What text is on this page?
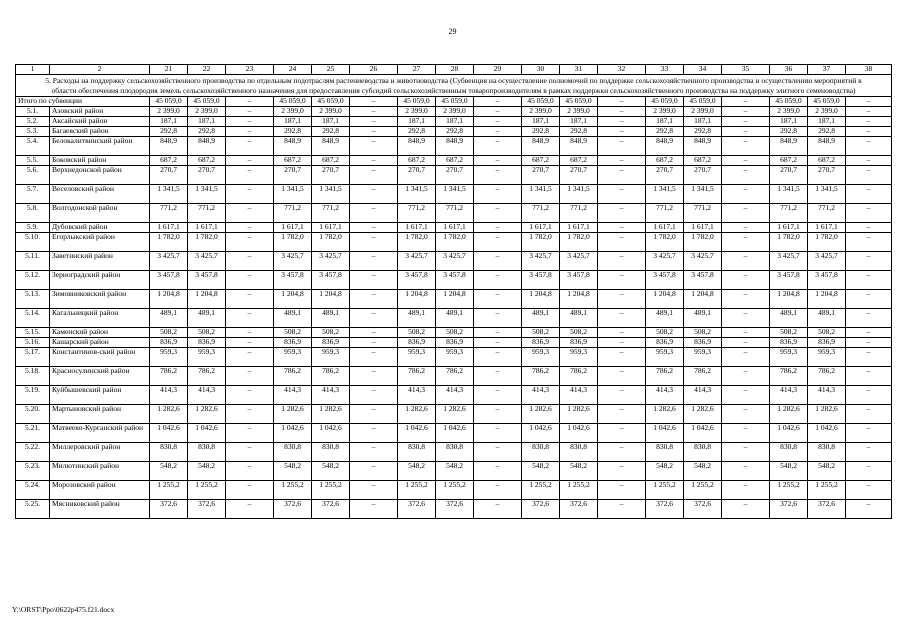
29
1	2	21	22	23	24	25	26	27	28	29	30	31	32	33	34	35	36	37	38
5. Расходы на поддержку сельскохозяйственного производства по отдельным подотраслям растениеводства и животноводства (Субвенция на осуществление полномочий по поддержке сельскохозяйственного производства и осуществлению мероприятий в области обеспечения плодородия земель сельскохозяйственного назначения для предоставления субсидий сельскохозяйственным товаропроизводителям в рамках поддержки сельскохозяйственного производства на поддержку элитного семеноводства)																			
Итого по субвенции		45 059,0	45 059,0	–	45 059,0	45 059,0	–	45 059,0	45 059,0	–	45 059,0	45 059,0	–	45 059,0	45 059,0	–	45 059,0	45 059,0	–
5.1.	Азовский район	2 399,0	2 399,0	–	2 399,0	2 399,0	–	2 399,0	2 399,0	–	2 399,0	2 399,0	–	2 399,0	2 399,0	–	2 399,0	2 399,0	–
5.2.	Аксайский район	187,1	187,1	–	187,1	187,1	–	187,1	187,1	–	187,1	187,1	–	187,1	187,1	–	187,1	187,1	–
5.3.	Багаевский район	292,8	292,8	–	292,8	292,8	–	292,8	292,8	–	292,8	292,8	–	292,8	292,8	–	292,8	292,8	–
5.4.	Белокалитвинский район	848,9	848,9	–	848,9	848,9	–	848,9	848,9	–	848,9	848,9	–	848,9	848,9	–	848,9	848,9	–
5.5.	Боковский район	687,2	687,2	–	687,2	687,2	–	687,2	687,2	–	687,2	687,2	–	687,2	687,2	–	687,2	687,2	–
5.6.	Верхнедонской район	270,7	270,7	–	270,7	270,7	–	270,7	270,7	–	270,7	270,7	–	270,7	270,7	–	270,7	270,7	–
5.7.	Веселовский район	1 341,5	1 341,5	–	1 341,5	1 341,5	–	1 341,5	1 341,5	–	1 341,5	1 341,5	–	1 341,5	1 341,5	–	1 341,5	1 341,5	–
5.8.	Волгодонской район	771,2	771,2	–	771,2	771,2	–	771,2	771,2	–	771,2	771,2	–	771,2	771,2	–	771,2	771,2	–
5.9.	Дубовский район	1 617,1	1 617,1	–	1 617,1	1 617,1	–	1 617,1	1 617,1	–	1 617,1	1 617,1	–	1 617,1	1 617,1	–	1 617,1	1 617,1	–
5.10.	Егорлыкский район	1 782,0	1 782,0	–	1 782,0	1 782,0	–	1 782,0	1 782,0	–	1 782,0	1 782,0	–	1 782,0	1 782,0	–	1 782,0	1 782,0	–
5.11.	Заветинский район	3 425,7	3 425,7	–	3 425,7	3 425,7	–	3 425,7	3 425,7	–	3 425,7	3 425,7	–	3 425,7	3 425,7	–	3 425,7	3 425,7	–
5.12.	Зерноградский район	3 457,8	3 457,8	–	3 457,8	3 457,8	–	3 457,8	3 457,8	–	3 457,8	3 457,8	–	3 457,8	3 457,8	–	3 457,8	3 457,8	–
5.13.	Зимовниковский район	1 204,8	1 204,8	–	1 204,8	1 204,8	–	1 204,8	1 204,8	–	1 204,8	1 204,8	–	1 204,8	1 204,8	–	1 204,8	1 204,8	–
5.14.	Кагальницкий район	489,1	489,1	–	489,1	489,1	–	489,1	489,1	–	489,1	489,1	–	489,1	489,1	–	489,1	489,1	–
5.15.	Каменский район	508,2	508,2	–	508,2	508,2	–	508,2	508,2	–	508,2	508,2	–	508,2	508,2	–	508,2	508,2	–
5.16.	Кашарский район	836,9	836,9	–	836,9	836,9	–	836,9	836,9	–	836,9	836,9	–	836,9	836,9	–	836,9	836,9	–
5.17.	Константинов-ский район	959,3	959,3	–	959,3	959,3	–	959,3	959,3	–	959,3	959,3	–	959,3	959,3	–	959,3	959,3	–
5.18.	Красносулинский район	786,2	786,2	–	786,2	786,2	–	786,2	786,2	–	786,2	786,2	–	786,2	786,2	–	786,2	786,2	–
5.19.	Куйбышевский район	414,3	414,3	–	414,3	414,3	–	414,3	414,3	–	414,3	414,3	–	414,3	414,3	–	414,3	414,3	–
5.20.	Мартыновский район	1 282,6	1 282,6	–	1 282,6	1 282,6	–	1 282,6	1 282,6	–	1 282,6	1 282,6	–	1 282,6	1 282,6	–	1 282,6	1 282,6	–
5.21.	Матвеево-Курганский район	1 042,6	1 042,6	–	1 042,6	1 042,6	–	1 042,6	1 042,6	–	1 042,6	1 042,6	–	1 042,6	1 042,6	–	1 042,6	1 042,6	–
5.22.	Миллеровский район	830,8	830,8	–	830,8	830,8	–	830,8	830,8	–	830,8	830,8	–	830,8	830,8	–	830,8	830,8	–
5.23.	Милютинский район	548,2	548,2	–	548,2	548,2	–	548,2	548,2	–	548,2	548,2	–	548,2	548,2	–	548,2	548,2	–
5.24.	Морозовский район	1 255,2	1 255,2	–	1 255,2	1 255,2	–	1 255,2	1 255,2	–	1 255,2	1 255,2	–	1 255,2	1 255,2	–	1 255,2	1 255,2	–
5.25.	Мясниковский район	372,6	372,6	–	372,6	372,6	–	372,6	372,6	–	372,6	372,6	–	372,6	372,6	–	372,6	372,6	–
Y:\ORST\Ppo\0622p475.f21.docx
